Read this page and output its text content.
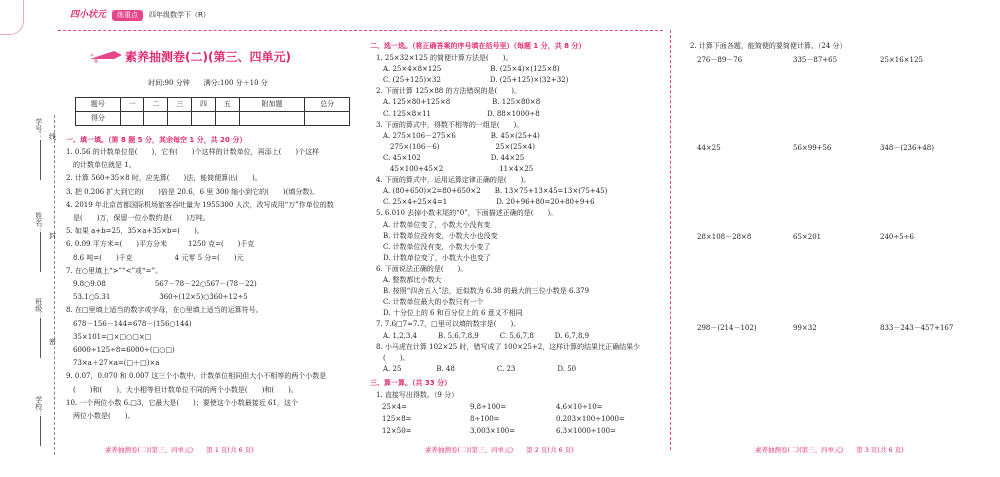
学号：
姓名：
班级：
学校：
线
封
密
四小状元	练重点	四年级数学下（R）
素养抽测卷(二)(第三、四单元)
时间:90 分钟　　满分:100 分＋10 分
题号	一	二	三	四	五	附加题	总分
得分							
一、填一填。（第 8 题 5 分，其余每空 1 分，共 20 分）
1. 0.56 的计数单位是(　　)，它有(　　)个这样的计数单位，再添上(　　)个这样
　的计数单位就是 1。
2. 计算 560÷35×8 时，应先算(　　)法，能简便算出(　　)。
3. 把 0.206 扩大到它的(　　)倍是 20.6，6 里 300 缩小到它的(　　)(填分数)。
4. 2019 年北京首都国际机场旅客吞吐量为 1955300 人次，改写成用“万”作单位的数
　是(　　)万，保留一位小数约是(　　)万吨。
5. 如果 a+b=25，35×a+35×b=(　　)。
6. 0.09 平方米=(　　)平方分米　　　1250 克=(　　)千克
　8.6 吨=(　　)千克　　　　　　4 元零 5 分=(　　)元
7. 在○里填上“>”“<”或“=”。
　9.8○9.08　　　　　　　567－78－22○567－(78－22)
　53.1○5.31　　　　　　　360÷(12×5)○360÷12÷5
8. 在□里填上适当的数字或字母，在○里填上适当的运算符号。
　678－156－144=678－(156○144)
　35×101=□×□○□×□
　6000÷125÷8=6000÷(□○□)
　73×a＋27×a=(□＋□)×a
9. 0.07，0.070 和 0.007 这三个小数中，计数单位相同但大小不相等的两个小数是
　(　　)和(　　)，大小相等但计数单位不同的两个小数是(　　)和(　　)。
10. 一个两位小数 6.□3，它最大是(　　)；要使这个小数最接近 61，这个
　两位小数是(　　)。
二、选一选。（将正确答案的序号填在括号里）（每题 1 分，共 8 分）
1. 25×32×125 的简便计算方法是(　　)。
　A. 25×4×8×125　　　　　　　B. (25×4)×(125×8)
　C. (25+125)×32　　　　　　　D. (25+125)×(32+32)
2. 下面计算 125×88 的方法错误的是(　　)。
　A. 125×80+125×8　　　　　　B. 125×80×8
　C. 125×8×11　　　　　　　　D. 88×1000÷8
3. 下面的算式中，得数不相等的一组是(　　)。
　A. 275×106－275×6　　　　　B. 45×(25+4)
　　275×(106－6)　　　　　　　　25×(25×4)
　C. 45×102　　　　　　　　　　D. 44×25
　　45×100+45×2　　　　　　　　11×4×25
4. 下面的算式中，运用运算定律正确的是(　　)。
　A. (80+650)×2=80+650×2　　B. 13×75+13×45=13×(75+45)
　C. 25×4÷25×4=1　　　　　　　D. 20+96+80=20+80+9+6
5. 6.010 去掉小数末尾的“0”，下面描述正确的是(　　)。
　A. 计数单位变了，小数大小没有变
　B. 计数单位没有变，小数大小也没变
　C. 计数单位没有变，小数大小变了
　D. 计数单位变了，小数大小也变了
6. 下面说法正确的是(　　)。
　A. 整数都比小数大
　B. 按照“四舍五入”法，近似数为 6.38 的最大的三位小数是 6.379
　C. 计数单位最大的小数只有一个
　D. 十分位上的 6 和百分位上的 6 意义不相同
7. 7.6□7≈7.7，□里可以填的数字是(　　)。
　A. 1,2,3,4　　　B. 5,6,7,8,9　　　C. 5,6,7,8　　　D. 6,7,8,9
8. 小马虎在计算 102×25 时，错写成了 100×25+2，这样计算的结果比正确结果少
　(　　)。
　A. 25　　　　　B. 48　　　　　　C. 23　　　　　　D. 50
三、算一算。（共 33 分）
1. 直接写出得数。（9 分）
25×4=	9.8÷100=	4.6×10÷10=
125×8=	8÷100=	0.203×100÷1000=
12×50=	3.003×100=	6.3×1000÷100=
2. 计算下面各题，能简便的要简便计算。（24 分）
276－89－76	335－87+65	25×16×125
44×25	56×99+56	348－(236+48)
28×108－28×8	65×201	240÷5÷6
298－(214－102)	99×32	833－243－457+167
素养抽测卷(二)(第三、四单元)　　第 1 页(共 6 页)	素养抽测卷(二)(第三、四单元)　　第 2 页(共 6 页)	素养抽测卷(二)(第三、四单元)　　第 3 页(共 6 页)
